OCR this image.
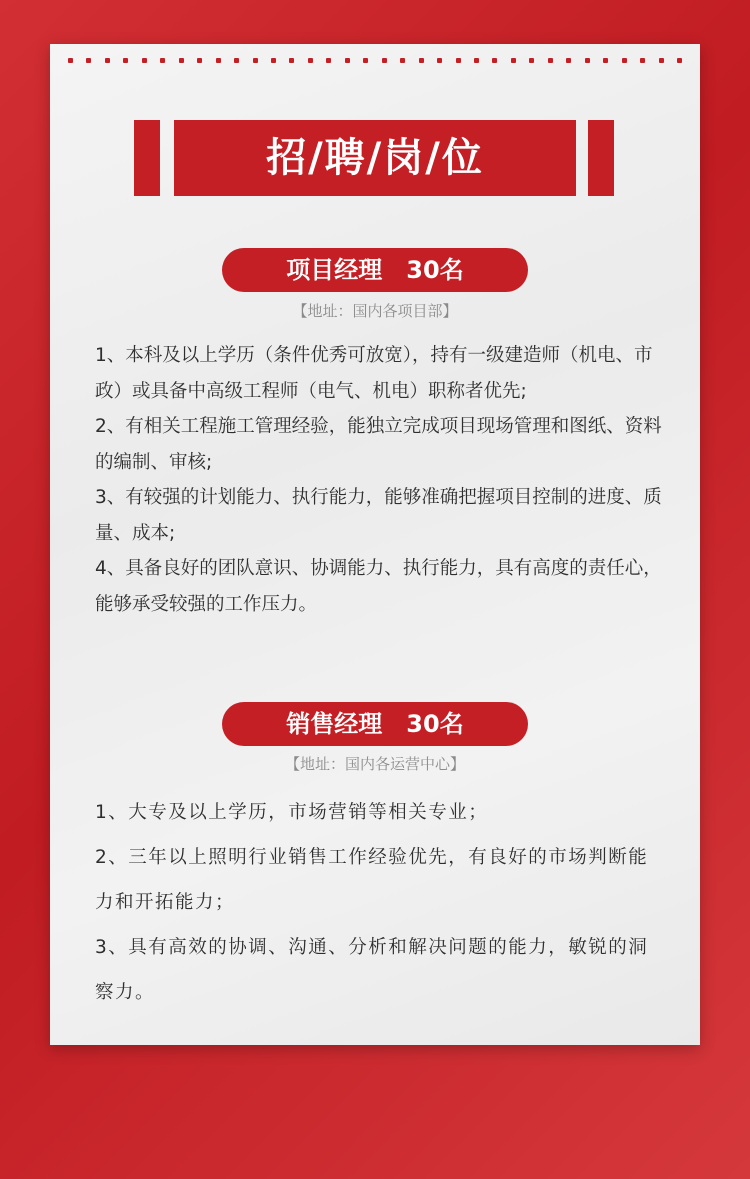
招/聘/岗/位
项目经理　30名
【地址：国内各项目部】

1、本科及以上学历（条件优秀可放宽），持有一级建造师（机电、市政）或具备中高级工程师（电气、机电）职称者优先;

2、有相关工程施工管理经验，能独立完成项目现场管理和图纸、资料的编制、审核;

3、有较强的计划能力、执行能力，能够准确把握项目控制的进度、质量、成本;

4、具备良好的团队意识、协调能力、执行能力，具有高度的责任心，能够承受较强的工作压力。

销售经理　30名
【地址：国内各运营中心】

1、大专及以上学历，市场营销等相关专业；

2、三年以上照明行业销售工作经验优先，有良好的市场判断能力和开拓能力；

3、具有高效的协调、沟通、分析和解决问题的能力，敏锐的洞察力。
